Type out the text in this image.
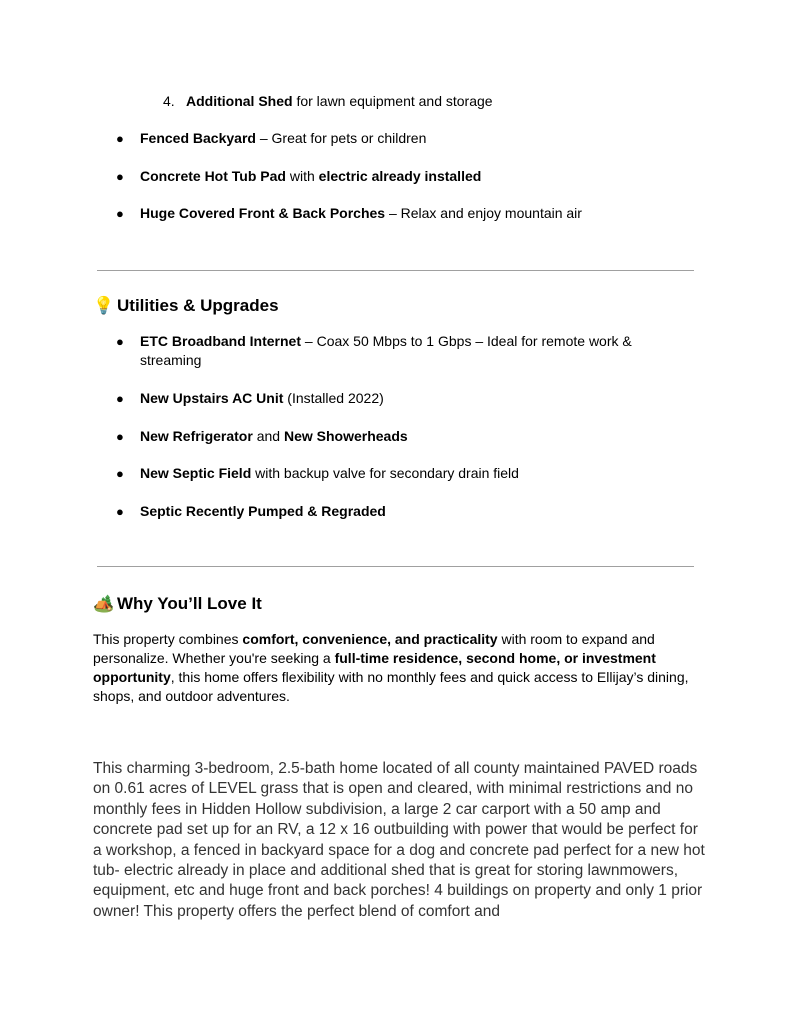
4. Additional Shed for lawn equipment and storage
● Fenced Backyard – Great for pets or children
● Concrete Hot Tub Pad with electric already installed
● Huge Covered Front & Back Porches – Relax and enjoy mountain air
💡 Utilities & Upgrades
● ETC Broadband Internet – Coax 50 Mbps to 1 Gbps – Ideal for remote work & streaming
● New Upstairs AC Unit (Installed 2022)
● New Refrigerator and New Showerheads
● New Septic Field with backup valve for secondary drain field
● Septic Recently Pumped & Regraded
🏕️ Why You’ll Love It
This property combines comfort, convenience, and practicality with room to expand and personalize. Whether you're seeking a full-time residence, second home, or investment opportunity, this home offers flexibility with no monthly fees and quick access to Ellijay’s dining, shops, and outdoor adventures.
This charming 3-bedroom, 2.5-bath home located of all county maintained PAVED roads on 0.61 acres of LEVEL grass that is open and cleared, with minimal restrictions and no monthly fees in Hidden Hollow subdivision, a large 2 car carport with a 50 amp and concrete pad set up for an RV, a 12 x 16 outbuilding with power that would be perfect for a workshop, a fenced in backyard space for a dog and concrete pad perfect for a new hot tub- electric already in place and additional shed that is great for storing lawnmowers, equipment, etc and huge front and back porches! 4 buildings on property and only 1 prior owner! This property offers the perfect blend of comfort and
